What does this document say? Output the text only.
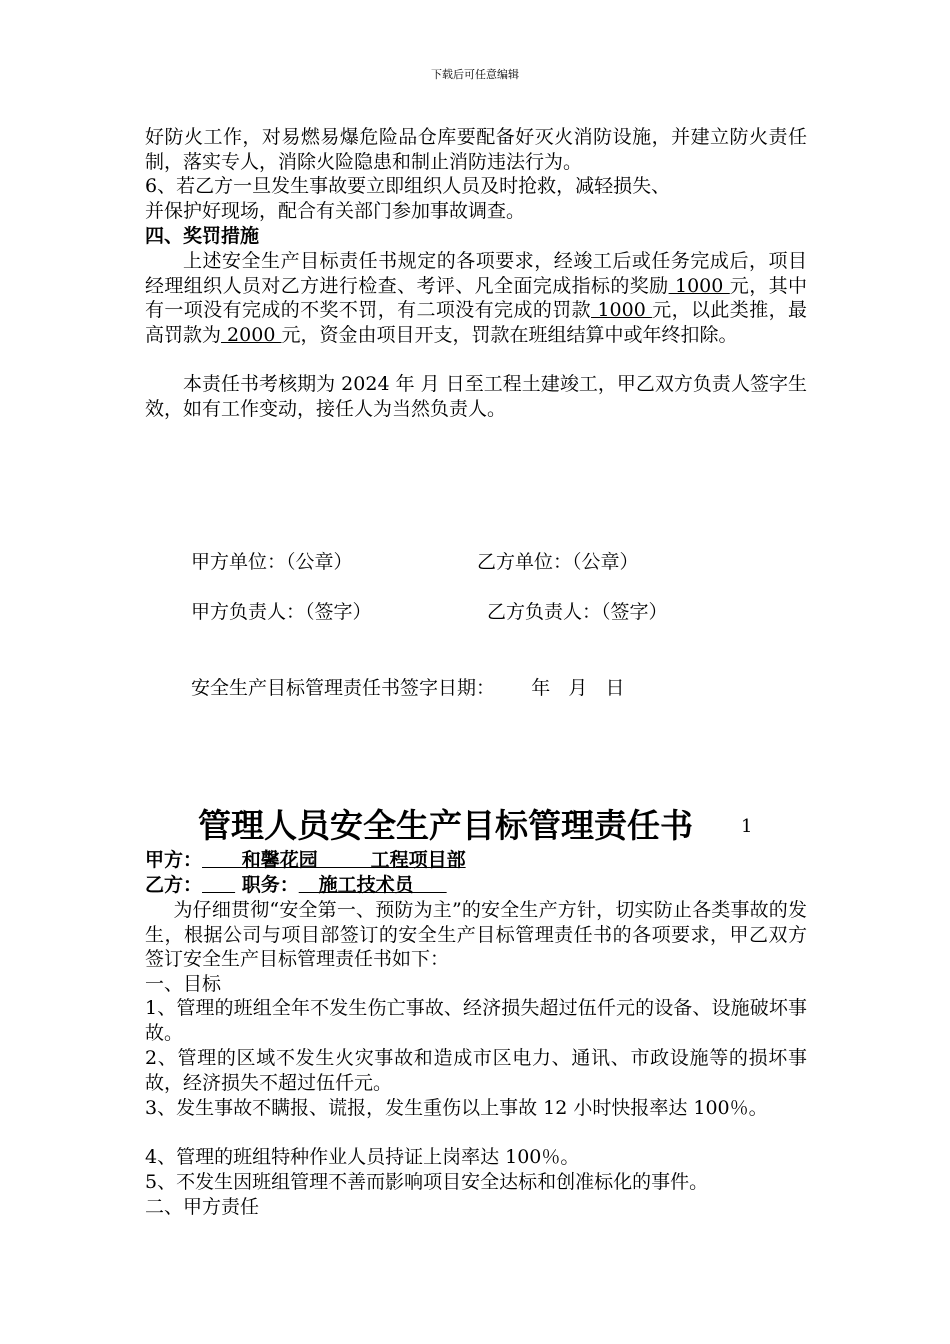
下载后可任意编辑

好防火工作，对易燃易爆危险品仓库要配备好灭火消防设施，并建立防火责任制，落实专人，消除火险隐患和制止消防违法行为。

6、若乙方一旦发生事故要立即组织人员及时抢救，减轻损失、
并保护好现场，配合有关部门参加事故调查。
四、奖罚措施

上述安全生产目标责任书规定的各项要求，经竣工后或任务完成后，项目经理组织人员对乙方进行检查、考评、凡全面完成指标的奖励 1000 元，其中有一项没有完成的不奖不罚，有二项没有完成的罚款 1000 元，以此类推，最高罚款为 2000 元，资金由项目开支，罚款在班组结算中或年终扣除。

本责任书考核期为 2024 年 月 日至工程土建竣工，甲乙双方负责人签字生效，如有工作变动，接任人为当然负责人。

甲方单位：（公章）	乙方单位：（公章）
甲方负责人：（签字）	乙方负责人：（签字）
安全生产目标管理责任书签字日期：      年   月   日
管理人员安全生产目标管理责任书	1
甲方：      和馨花园        工程项目部
乙方：      职务：   施工技术员

为仔细贯彻“安全第一、预防为主”的安全生产方针，切实防止各类事故的发生，根据公司与项目部签订的安全生产目标管理责任书的各项要求，甲乙双方签订安全生产目标管理责任书如下：

一、目标

1、管理的班组全年不发生伤亡事故、经济损失超过伍仟元的设备、设施破坏事故。

2、管理的区域不发生火灾事故和造成市区电力、通讯、市政设施等的损坏事故，经济损失不超过伍仟元。

3、发生事故不瞒报、谎报，发生重伤以上事故 12 小时快报率达 100％。

4、管理的班组特种作业人员持证上岗率达 100％。
5、不发生因班组管理不善而影响项目安全达标和创准标化的事件。
二、甲方责任
